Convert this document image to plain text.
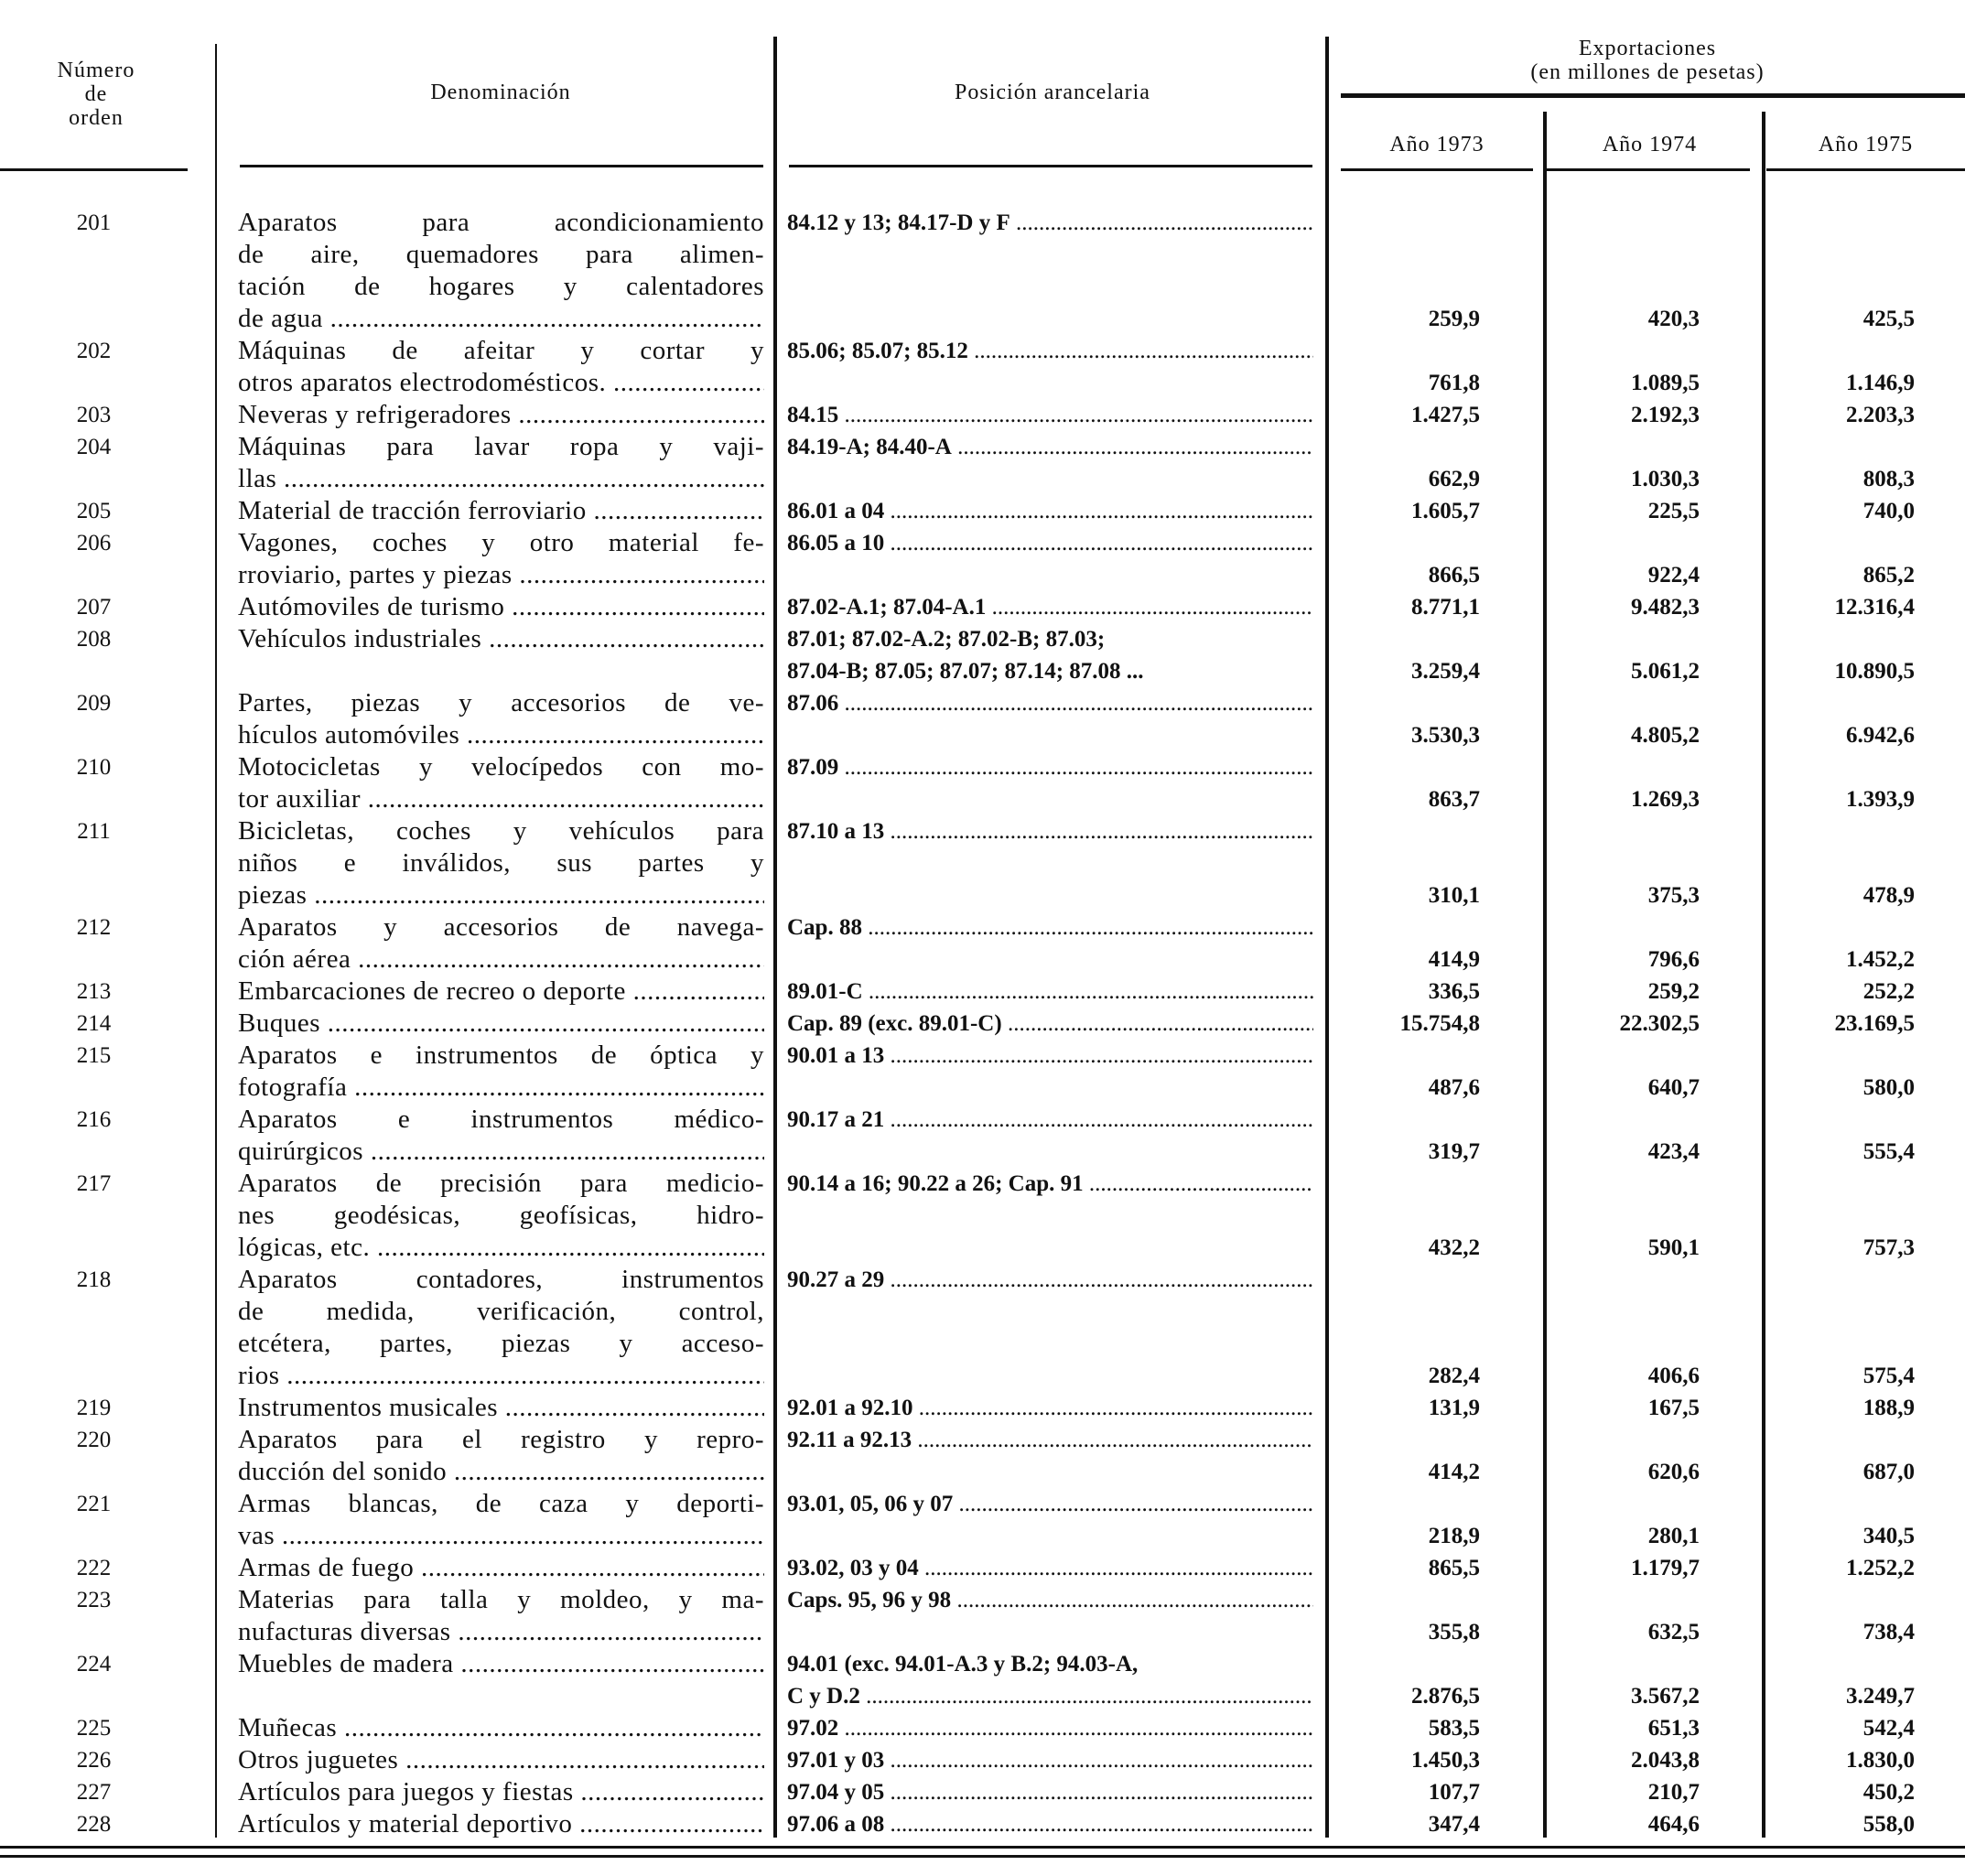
Número
de
orden
Denominación	Posición arancelaria
Exportaciones
(en millones de pesetas)
Año 1973	Año 1974	Año 1975
201	Aparatos para acondicionamiento
de aire, quemadores para alimen-
tación de hogares y calentadores
de agua .....
84.12 y 13; 84.17-D y F .....
259,9	420,3	425,5
202	Máquinas de afeitar y cortar y
otros aparatos electrodomésticos. .....
85.06; 85.07; 85.12 .....
761,8	1.089,5	1.146,9
203	Neveras y refrigeradores .....	84.15 .....	1.427,5	2.192,3	2.203,3
204	Máquinas para lavar ropa y vaji-
llas .....
84.19-A; 84.40-A .....
662,9	1.030,3	808,3
205	Material de tracción ferroviario .....	86.01 a 04 .....	1.605,7	225,5	740,0
206	Vagones, coches y otro material fe-
rroviario, partes y piezas .....
86.05 a 10 .....
866,5	922,4	865,2
207	Autómoviles de turismo .....	87.02-A.1; 87.04-A.1 .....	8.771,1	9.482,3	12.316,4
208	Vehículos industriales .....	87.01; 87.02-A.2; 87.02-B; 87.03;
87.04-B; 87.05; 87.07; 87.14; 87.08 ...	3.259,4	5.061,2	10.890,5
209	Partes, piezas y accesorios de ve-
hículos automóviles .....
87.06 .....
3.530,3	4.805,2	6.942,6
210	Motocicletas y velocípedos con mo-
tor auxiliar .....
87.09 .....
863,7	1.269,3	1.393,9
211	Bicicletas, coches y vehículos para
niños e inválidos, sus partes y
piezas .....
87.10 a 13 .....
310,1	375,3	478,9
212	Aparatos y accesorios de navega-
ción aérea .....
Cap. 88 .....
414,9	796,6	1.452,2
213	Embarcaciones de recreo o deporte .....	89.01-C .....	336,5	259,2	252,2
214	Buques .....	Cap. 89 (exc. 89.01-C) .....	15.754,8	22.302,5	23.169,5
215	Aparatos e instrumentos de óptica y
fotografía .....
90.01 a 13 .....
487,6	640,7	580,0
216	Aparatos e instrumentos médico-
quirúrgicos .....
90.17 a 21 .....
319,7	423,4	555,4
217	Aparatos de precisión para medicio-
nes geodésicas, geofísicas, hidro-
lógicas, etc. .....
90.14 a 16; 90.22 a 26; Cap. 91 .....
432,2	590,1	757,3
218	Aparatos contadores, instrumentos
de medida, verificación, control,
etcétera, partes, piezas y acceso-
rios .....
90.27 a 29 .....
282,4	406,6	575,4
219	Instrumentos musicales .....	92.01 a 92.10 .....	131,9	167,5	188,9
220	Aparatos para el registro y repro-
ducción del sonido .....
92.11 a 92.13 .....
414,2	620,6	687,0
221	Armas blancas, de caza y deporti-
vas .....
93.01, 05, 06 y 07 .....
218,9	280,1	340,5
222	Armas de fuego .....	93.02, 03 y 04 .....	865,5	1.179,7	1.252,2
223	Materias para talla y moldeo, y ma-
nufacturas diversas .....
Caps. 95, 96 y 98 .....
355,8	632,5	738,4
224	Muebles de madera .....	94.01 (exc. 94.01-A.3 y B.2; 94.03-A,
C y D.2 .....	2.876,5	3.567,2	3.249,7
225	Muñecas .....	97.02 .....	583,5	651,3	542,4
226	Otros juguetes .....	97.01 y 03 .....	1.450,3	2.043,8	1.830,0
227	Artículos para juegos y fiestas .....	97.04 y 05 .....	107,7	210,7	450,2
228	Artículos y material deportivo .....	97.06 a 08 .....	347,4	464,6	558,0
